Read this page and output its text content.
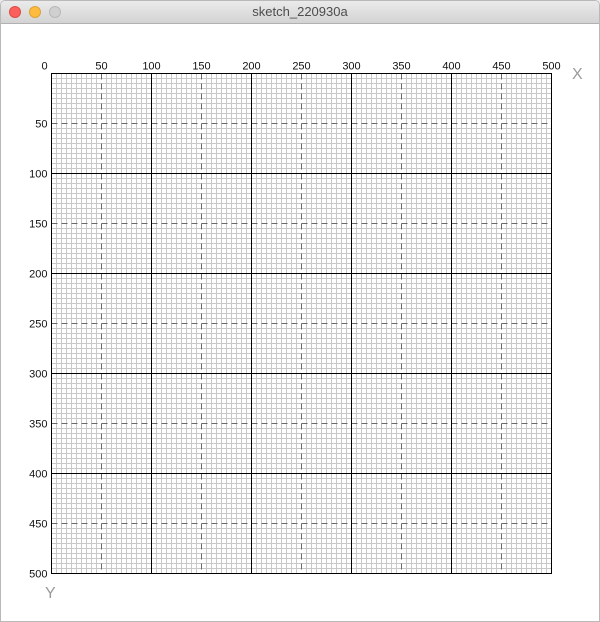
sketch_220930a
0	50	100	150	200	250	300	350	400	450	500
50
100
150
200
250
300
350
400
450
500
X
Y
